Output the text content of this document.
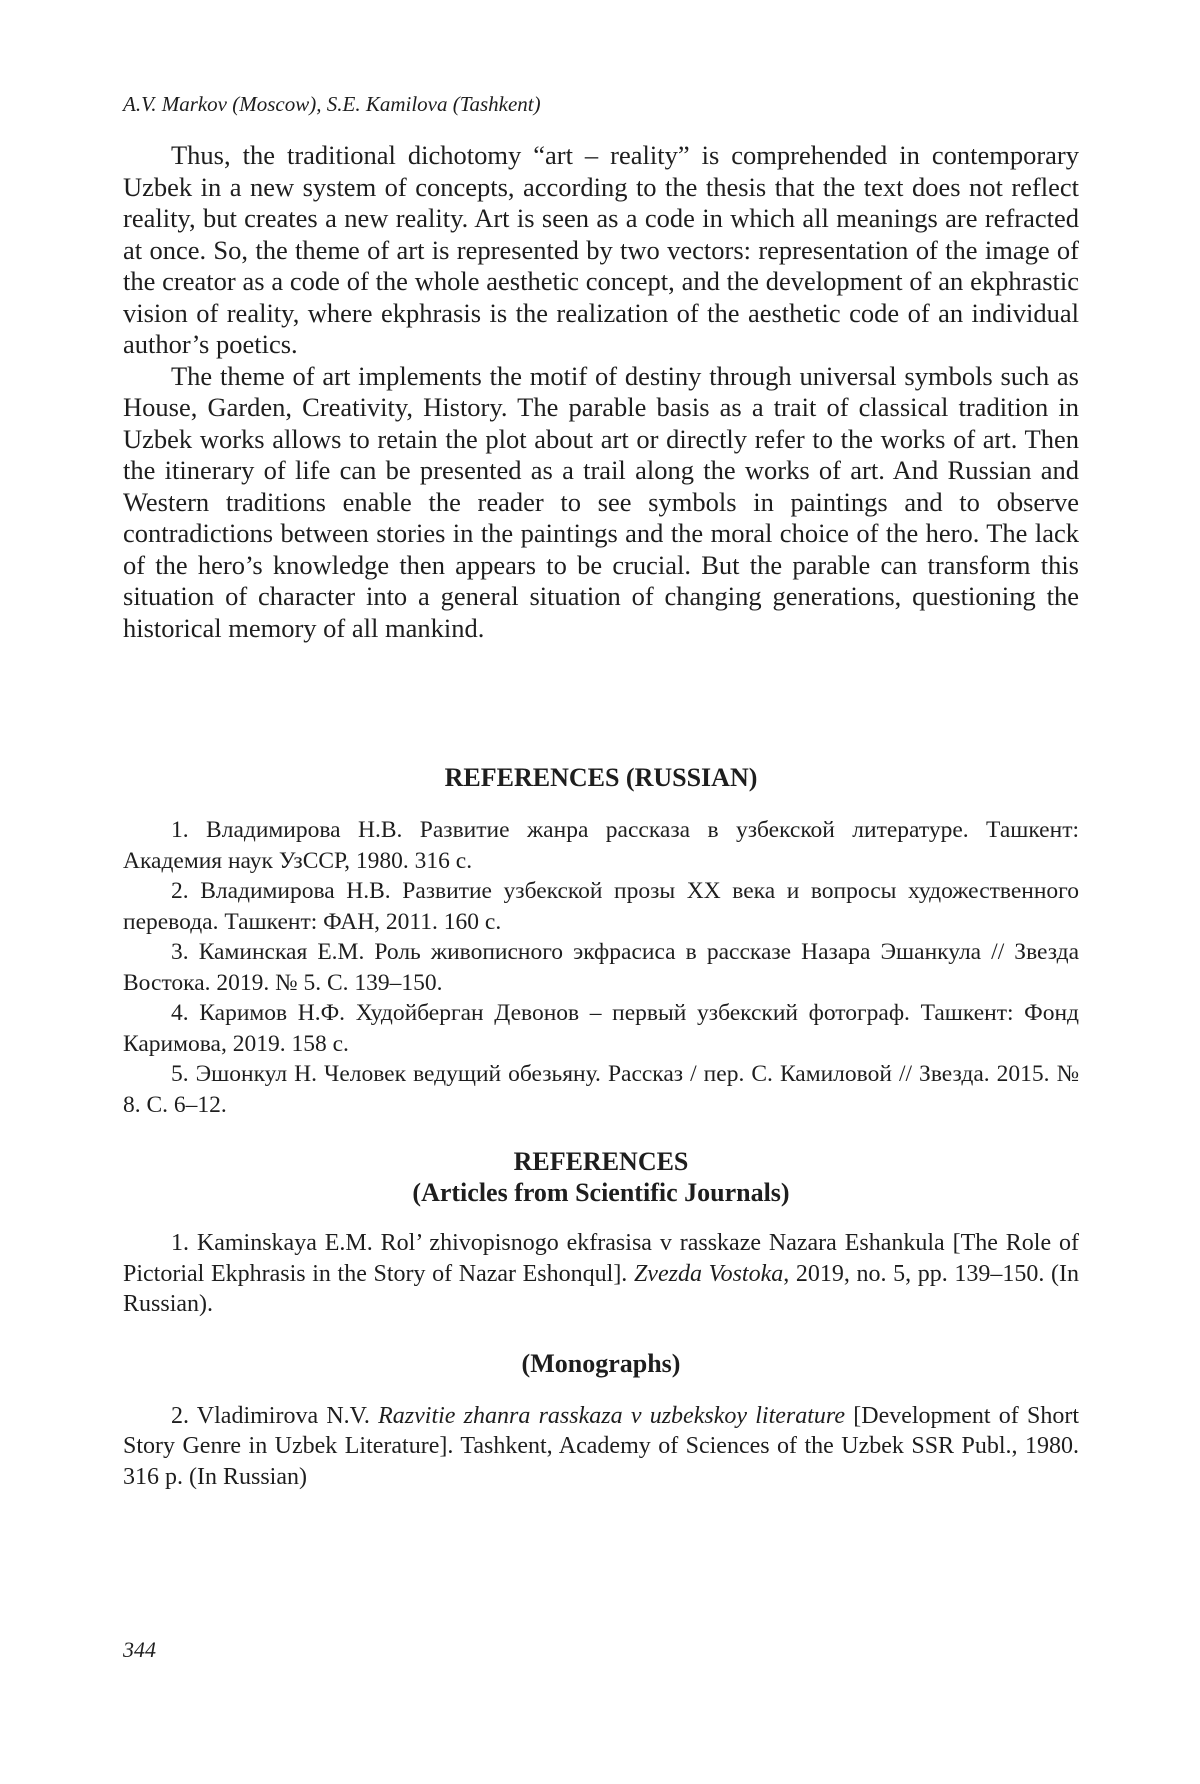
A.V. Markov (Moscow), S.E. Kamilova (Tashkent)

Thus, the traditional dichotomy “art – reality” is comprehended in contemporary Uzbek in a new system of concepts, according to the thesis that the text does not reflect reality, but creates a new reality. Art is seen as a code in which all meanings are refracted at once. So, the theme of art is represented by two vectors: representation of the image of the creator as a code of the whole aesthetic concept, and the development of an ekphrastic vision of reality, where ekphrasis is the realization of the aesthetic code of an individual author’s poetics.

The theme of art implements the motif of destiny through universal symbols such as House, Garden, Creativity, History. The parable basis as a trait of classical tradition in Uzbek works allows to retain the plot about art or directly refer to the works of art. Then the itinerary of life can be presented as a trail along the works of art. And Russian and Western traditions enable the reader to see symbols in paintings and to observe contradictions between stories in the paintings and the moral choice of the hero. The lack of the hero’s knowledge then appears to be crucial. But the parable can transform this situation of character into a general situation of changing generations, questioning the historical memory of all mankind.

REFERENCES (RUSSIAN)

1. Владимирова Н.В. Развитие жанра рассказа в узбекской литературе. Ташкент: Академия наук УзССР, 1980. 316 с.

2. Владимирова Н.В. Развитие узбекской прозы XX века и вопросы художественного перевода. Ташкент: ФАН, 2011. 160 с.

3. Каминская Е.М. Роль живописного экфрасиса в рассказе Назара Эшанкула // Звезда Востока. 2019. № 5. С. 139–150.

4. Каримов Н.Ф. Худойберган Девонов – первый узбекский фотограф. Ташкент: Фонд Каримова, 2019. 158 с.

5. Эшонкул Н. Человек ведущий обезьяну. Рассказ / пер. С. Камиловой // Звезда. 2015. № 8. С. 6–12.

REFERENCES
(Articles from Scientific Journals)

1. Kaminskaya E.M. Rol’ zhivopisnogo ekfrasisa v rasskaze Nazara Eshankula [The Role of Pictorial Ekphrasis in the Story of Nazar Eshonqul]. Zvezda Vostoka, 2019, no. 5, pp. 139–150. (In Russian).

(Monographs)

2. Vladimirova N.V. Razvitie zhanra rasskaza v uzbekskoy literature [Development of Short Story Genre in Uzbek Literature]. Tashkent, Academy of Sciences of the Uzbek SSR Publ., 1980. 316 p. (In Russian)

344
